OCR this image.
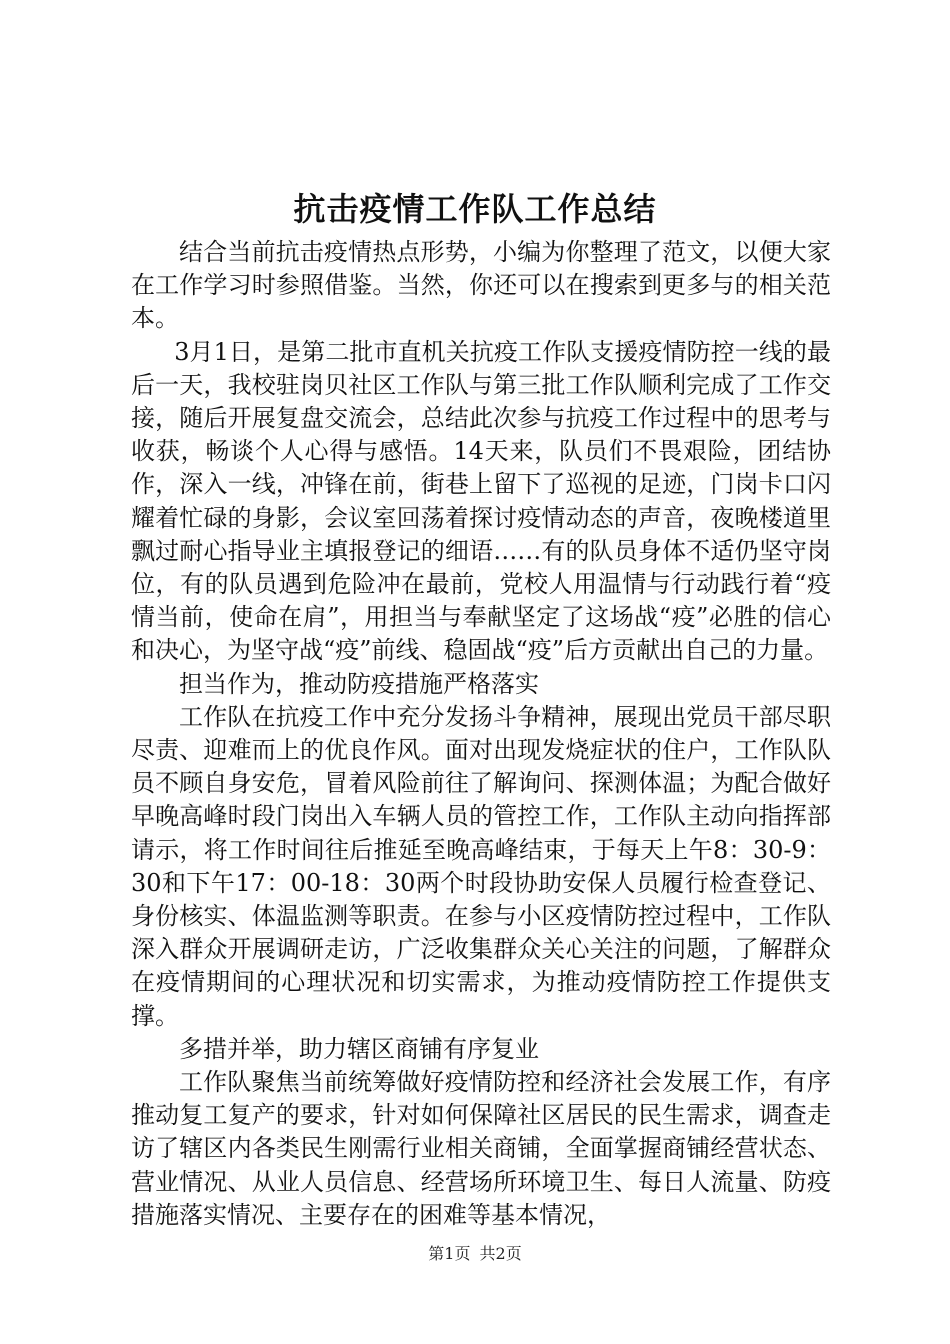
抗击疫情工作队工作总结

结合当前抗击疫情热点形势，小编为你整理了范文，以便大家在工作学习时参照借鉴。当然，你还可以在搜索到更多与的相关范本。

3月1日，是第二批市直机关抗疫工作队支援疫情防控一线的最后一天，我校驻岗贝社区工作队与第三批工作队顺利完成了工作交接，随后开展复盘交流会，总结此次参与抗疫工作过程中的思考与收获，畅谈个人心得与感悟。14天来，队员们不畏艰险，团结协作，深入一线，冲锋在前，街巷上留下了巡视的足迹，门岗卡口闪耀着忙碌的身影，会议室回荡着探讨疫情动态的声音，夜晚楼道里飘过耐心指导业主填报登记的细语……有的队员身体不适仍坚守岗位，有的队员遇到危险冲在最前，党校人用温情与行动践行着“疫情当前，使命在肩”，用担当与奉献坚定了这场战“疫”必胜的信心和决心，为坚守战“疫”前线、稳固战“疫”后方贡献出自己的力量。

担当作为，推动防疫措施严格落实

工作队在抗疫工作中充分发扬斗争精神，展现出党员干部尽职尽责、迎难而上的优良作风。面对出现发烧症状的住户，工作队队员不顾自身安危，冒着风险前往了解询问、探测体温；为配合做好早晚高峰时段门岗出入车辆人员的管控工作，工作队主动向指挥部请示，将工作时间往后推延至晚高峰结束，于每天上午8：30-9：30和下午17：00-18：30两个时段协助安保人员履行检查登记、身份核实、体温监测等职责。在参与小区疫情防控过程中，工作队深入群众开展调研走访，广泛收集群众关心关注的问题，了解群众在疫情期间的心理状况和切实需求，为推动疫情防控工作提供支撑。

多措并举，助力辖区商铺有序复业

工作队聚焦当前统筹做好疫情防控和经济社会发展工作，有序推动复工复产的要求，针对如何保障社区居民的民生需求，调查走访了辖区内各类民生刚需行业相关商铺，全面掌握商铺经营状态、营业情况、从业人员信息、经营场所环境卫生、每日人流量、防疫措施落实情况、主要存在的困难等基本情况，

第1页 共2页
